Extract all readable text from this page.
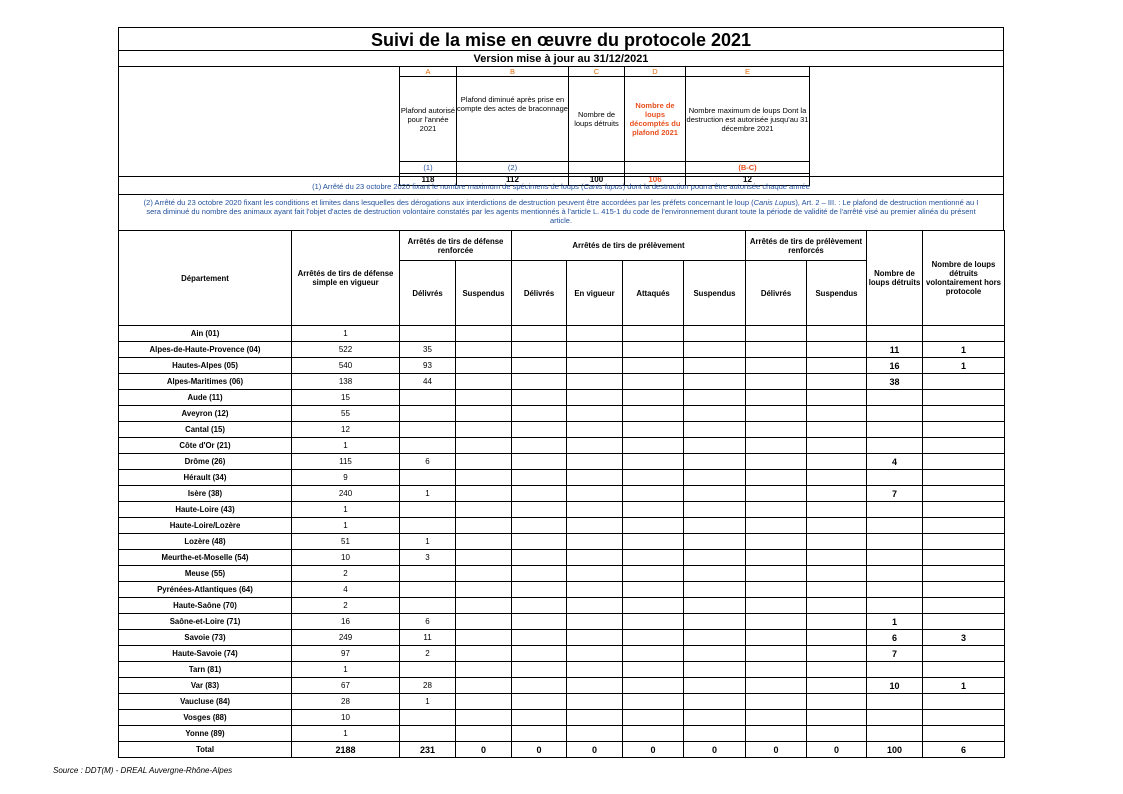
Suivi de la mise en œuvre du protocole 2021
Version mise à jour au 31/12/2021
A	B	C	D	E
Plafond autorisé pour l'année 2021	Plafond diminué après prise en compte des actes de braconnage	Nombre de loups détruits	Nombre de loups décomptés du plafond 2021	Nombre maximum de loups Dont la destruction est autorisée jusqu'au 31 décembre 2021
(1)	(2)			(B-C)
118	112	100	106	12
(1) Arrêté du 23 octobre 2020 fixant le nombre maximum de spécimens de loups (Canis lupus) dont la destruction pourra être autorisée chaque année
(2) Arrêté du 23 octobre 2020 fixant les conditions et limites dans lesquelles des dérogations aux interdictions de destruction peuvent être accordées par les préfets concernant le loup (Canis Lupus), Art. 2 – III. : Le plafond de destruction mentionné au I sera diminué du nombre des animaux ayant fait l'objet d'actes de destruction volontaire constatés par les agents mentionnés à l'article L. 415-1 du code de l'environnement durant toute la période de validité de l'arrêté visé au premier alinéa du présent article.
Département	Arrêtés de tirs de défense simple en vigueur	Arrêtés de tirs de défense renforcée		Arrêtés de tirs de prélèvement				Arrêtés de tirs de prélèvement renforcés		Nombre de loups détruits	Nombre de loups détruits volontairement hors protocole
		Délivrés	Suspendus	Délivrés	En vigueur	Attaqués	Suspendus	Délivrés	Suspendus		
Ain (01)	1										
Alpes-de-Haute-Provence (04)	522	35								11	1
Hautes-Alpes (05)	540	93								16	1
Alpes-Maritimes (06)	138	44								38	
Aude (11)	15										
Aveyron (12)	55										
Cantal (15)	12										
Côte d'Or (21)	1										
Drôme (26)	115	6								4	
Hérault (34)	9										
Isère (38)	240	1								7	
Haute-Loire (43)	1										
Haute-Loire/Lozère	1										
Lozère (48)	51	1									
Meurthe-et-Moselle (54)	10	3									
Meuse (55)	2										
Pyrénées-Atlantiques (64)	4										
Haute-Saône (70)	2										
Saône-et-Loire (71)	16	6								1	
Savoie (73)	249	11								6	3
Haute-Savoie (74)	97	2								7	
Tarn (81)	1										
Var (83)	67	28								10	1
Vaucluse (84)	28	1									
Vosges (88)	10										
Yonne (89)	1										
Total	2188	231	0	0	0	0	0	0	0	100	6
Source : DDT(M) - DREAL Auvergne-Rhône-Alpes
